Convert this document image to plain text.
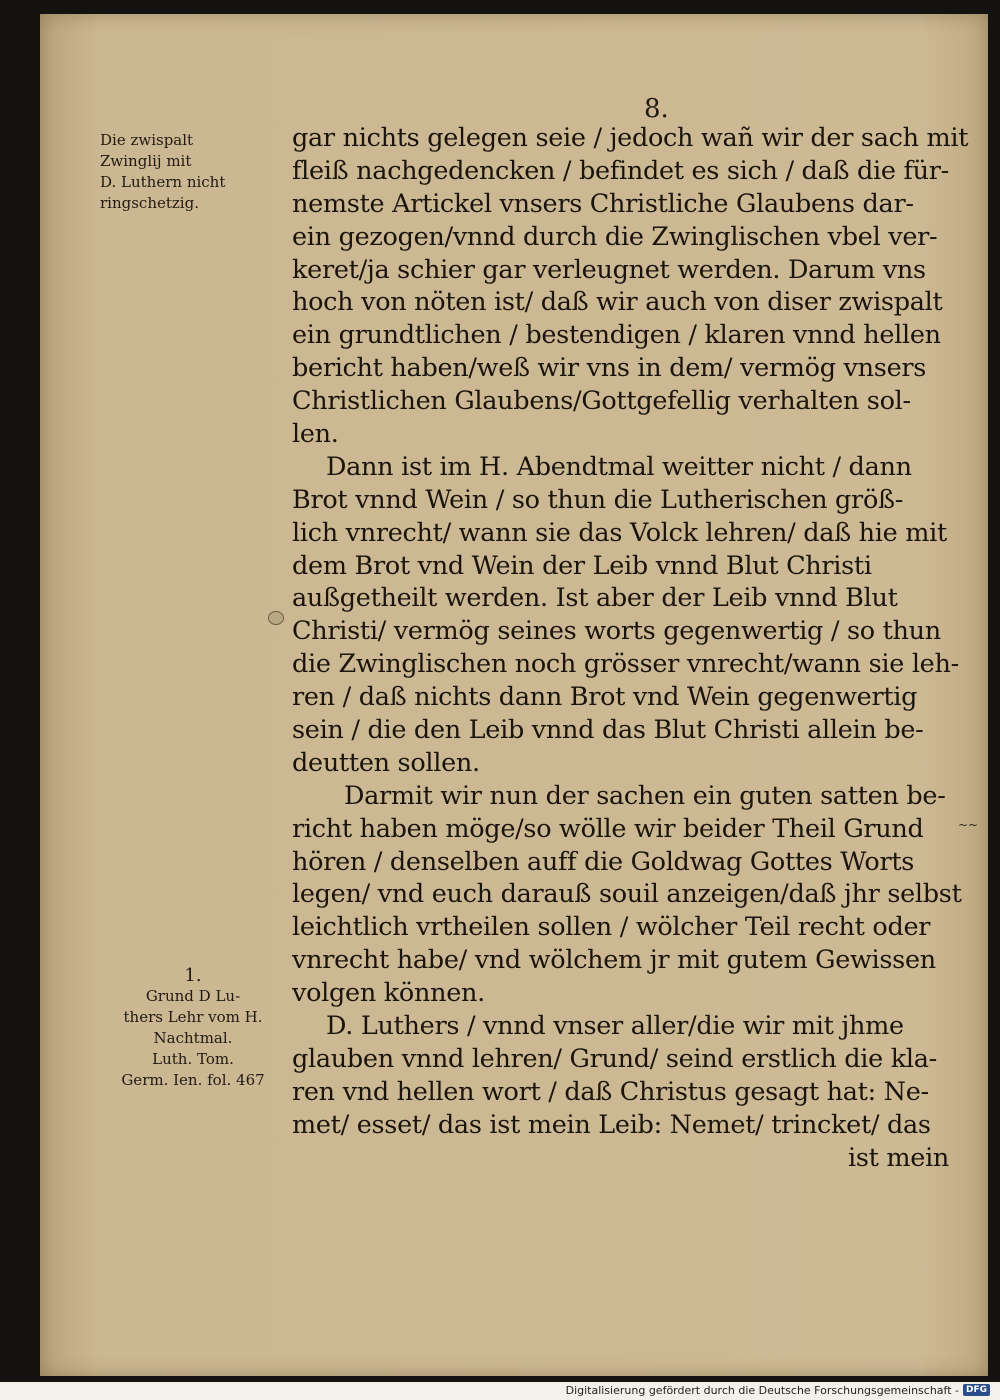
8.
Die zwispalt
Zwinglij mit
D. Luthern nicht
ringschetzig.
1.
Grund D Lu-
thers Lehr vom H.
Nachtmal.
Luth. Tom.
Germ. Ien. fol. 467
~~
gar nichts gelegen seie / jedoch wañ wir der sach mit
fleiß nachgedencken / befindet es sich / daß die für-
nemste Artickel vnsers Christliche Glaubens dar-
ein gezogen/vnnd durch die Zwinglischen vbel ver-
keret/ja schier gar verleugnet werden. Darum vns
hoch von nöten ist/ daß wir auch von diser zwispalt
ein grundtlichen / bestendigen / klaren vnnd hellen
bericht haben/weß wir vns in dem/ vermög vnsers
Christlichen Glaubens/Gottgefellig verhalten sol-
len.
Dann ist im H. Abendtmal weitter nicht / dann
Brot vnnd Wein / so thun die Lutherischen größ-
lich vnrecht/ wann sie das Volck lehren/ daß hie mit
dem Brot vnd Wein der Leib vnnd Blut Christi
außgetheilt werden. Ist aber der Leib vnnd Blut
Christi/ vermög seines worts gegenwertig / so thun
die Zwinglischen noch grösser vnrecht/wann sie leh-
ren / daß nichts dann Brot vnd Wein gegenwertig
sein / die den Leib vnnd das Blut Christi allein be-
deutten sollen.
Darmit wir nun der sachen ein guten satten be-
richt haben möge/so wölle wir beider Theil Grund
hören / denselben auff die Goldwag Gottes Worts
legen/ vnd euch darauß souil anzeigen/daß jhr selbst
leichtlich vrtheilen sollen / wölcher Teil recht oder
vnrecht habe/ vnd wölchem jr mit gutem Gewissen
volgen können.
D. Luthers / vnnd vnser aller/die wir mit jhme
glauben vnnd lehren/ Grund/ seind erstlich die kla-
ren vnd hellen wort / daß Christus gesagt hat: Ne-
met/ esset/ das ist mein Leib: Nemet/ trincket/ das
ist mein
Digitalisierung gefördert durch die Deutsche Forschungsgemeinschaft - DFG
